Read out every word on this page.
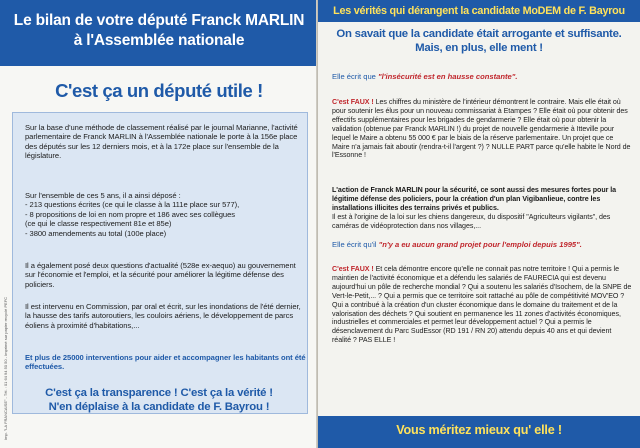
Le bilan de votre député Franck MARLIN
à l'Assemblée nationale
C'est ça un député utile !

Sur la base d'une méthode de classement réalisé par le journal Marianne, l'activité parlementaire de Franck MARLIN à l'Assemblée nationale le porte à la 156e place des députés sur les 12 derniers mois, et à la 172e place sur l'ensemble de la législature.

Sur l'ensemble de ces 5 ans, il a ainsi déposé :
- 213 questions écrites (ce qui le classe à la 111e place sur 577),
- 8 propositions de loi en nom propre et 186 avec ses collègues
(ce qui le classe respectivement 81e et 85e)
- 3800 amendements au total (100e place)

Il a également posé deux questions d'actualité (528e ex-aequo) au gouvernement sur l'économie et l'emploi, et la sécurité pour améliorer la légitime défense des policiers.

Il est intervenu en Commission, par oral et écrit, sur les inondations de l'été dernier, la hausse des tarifs autoroutiers, les couloirs aériens, le développement de parcs éoliens à proximité d'habitations,...

Et plus de 25000 interventions pour aider et accompagner les habitants ont été effectuées.

C'est ça la transparence ! C'est ça la vérité !
N'en déplaise à la candidate de F. Bayrou !
Imp. "LA FRANCAISE" - Tél. : 01 64 94 50 50 - Imprimé sur papier recyclé PEFC
Les vérités qui dérangent la candidate MoDEM de F. Bayrou
On savait que la candidate était arrogante et suffisante.
Mais, en plus, elle ment !

Elle écrit que "l'insécurité est en hausse constante".

C'est FAUX ! Les chiffres du ministère de l'intérieur démontrent le contraire. Mais elle était où pour soutenir les élus pour un nouveau commissariat à Etampes ? Elle était où pour obtenir des effectifs supplémentaires pour les brigades de gendarmerie ? Elle était où pour obtenir la validation (obtenue par Franck MARLIN !) du projet de nouvelle gendarmerie à Itteville pour lequel le Maire a obtenu 55 000 € par le biais de la réserve parlementaire. Un projet que ce Maire n'a jamais fait aboutir (rendra-t-il l'argent ?) ? NULLE PART parce qu'elle habite le Nord de l'Essonne !

L'action de Franck MARLIN pour la sécurité, ce sont aussi des mesures fortes pour la légitime défense des policiers, pour la création d'un plan Vigibanlieue, contre les installations illicites des terrains privés et publics.

Il est à l'origine de la loi sur les chiens dangereux, du dispositif "Agriculteurs vigilants", des caméras de vidéoprotection dans nos villages,...

Elle écrit qu'il "n'y a eu aucun grand projet pour l'emploi depuis 1995".

C'est FAUX ! Et cela démontre encore qu'elle ne connait pas notre territoire ! Qui a permis le maintien de l'activité économique et a défendu les salariés de FAURECIA qui est devenu aujourd'hui un pôle de recherche mondial ? Qui a soutenu les salariés d'Isochem, de la SNPE de Vert-le-Petit,... ? Qui a permis que ce territoire soit rattaché au pôle de compétitivité MOV'EO ? Qui a contribué à la création d'un cluster économique dans le domaine du traitement et de la valorisation des déchets ? Qui soutient en permanence les 11 zones d'activités économiques, industrielles et commerciales et permet leur développement actuel ? Qui a permis le désenclavement du Parc SudEssor (RD 191 / RN 20) attendu depuis 40 ans et qui devient réalité ? PAS ELLE !

Vous méritez mieux qu' elle !
